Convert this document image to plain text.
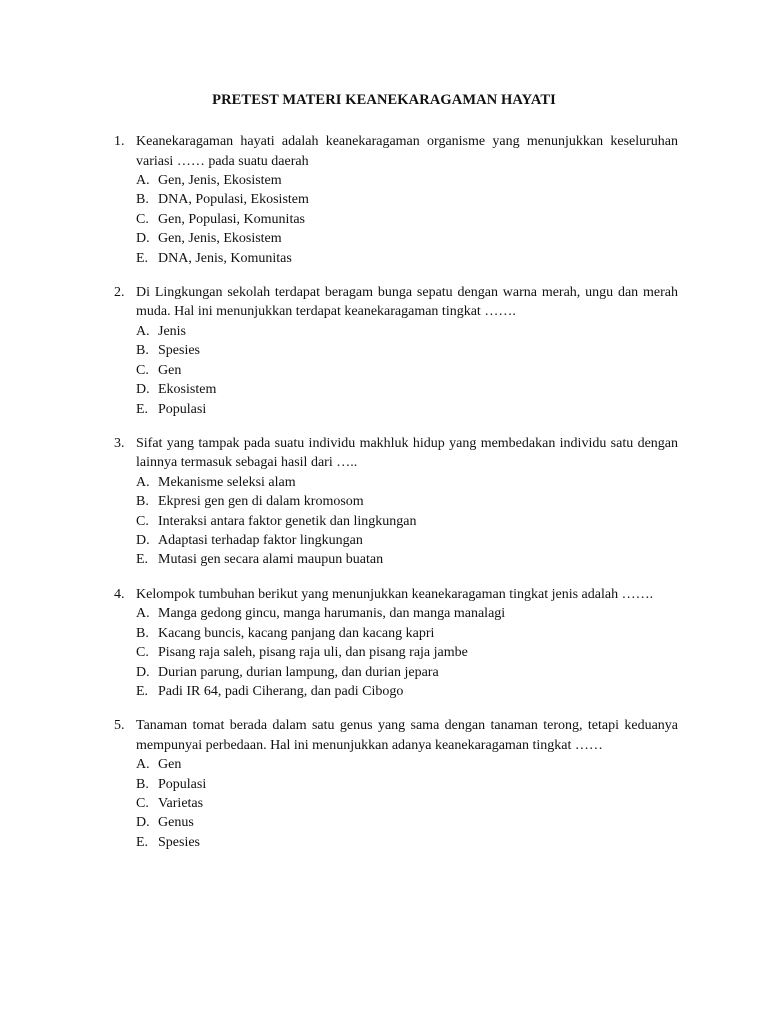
PRETEST MATERI KEANEKARAGAMAN HAYATI
1. Keanekaragaman hayati adalah keanekaragaman organisme yang menunjukkan keseluruhan variasi …… pada suatu daerah
A. Gen, Jenis, Ekosistem
B. DNA, Populasi, Ekosistem
C. Gen, Populasi, Komunitas
D. Gen, Jenis, Ekosistem
E. DNA, Jenis, Komunitas
2. Di Lingkungan sekolah terdapat beragam bunga sepatu dengan warna merah, ungu dan merah muda. Hal ini menunjukkan terdapat keanekaragaman tingkat …….
A. Jenis
B. Spesies
C. Gen
D. Ekosistem
E. Populasi
3. Sifat yang tampak pada suatu individu makhluk hidup yang membedakan individu satu dengan lainnya termasuk sebagai hasil dari …..
A. Mekanisme seleksi alam
B. Ekpresi gen gen di dalam kromosom
C. Interaksi antara faktor genetik dan lingkungan
D. Adaptasi terhadap faktor lingkungan
E. Mutasi gen secara alami maupun buatan
4. Kelompok tumbuhan berikut yang menunjukkan keanekaragaman tingkat jenis adalah …….
A. Manga gedong gincu, manga harumanis, dan manga manalagi
B. Kacang buncis, kacang panjang dan kacang kapri
C. Pisang raja saleh, pisang raja uli, dan pisang raja jambe
D. Durian parung, durian lampung, dan durian jepara
E. Padi IR 64, padi Ciherang, dan padi Cibogo
5. Tanaman tomat berada dalam satu genus yang sama dengan tanaman terong, tetapi keduanya mempunyai perbedaan. Hal ini menunjukkan adanya keanekaragaman tingkat ……
A. Gen
B. Populasi
C. Varietas
D. Genus
E. Spesies
